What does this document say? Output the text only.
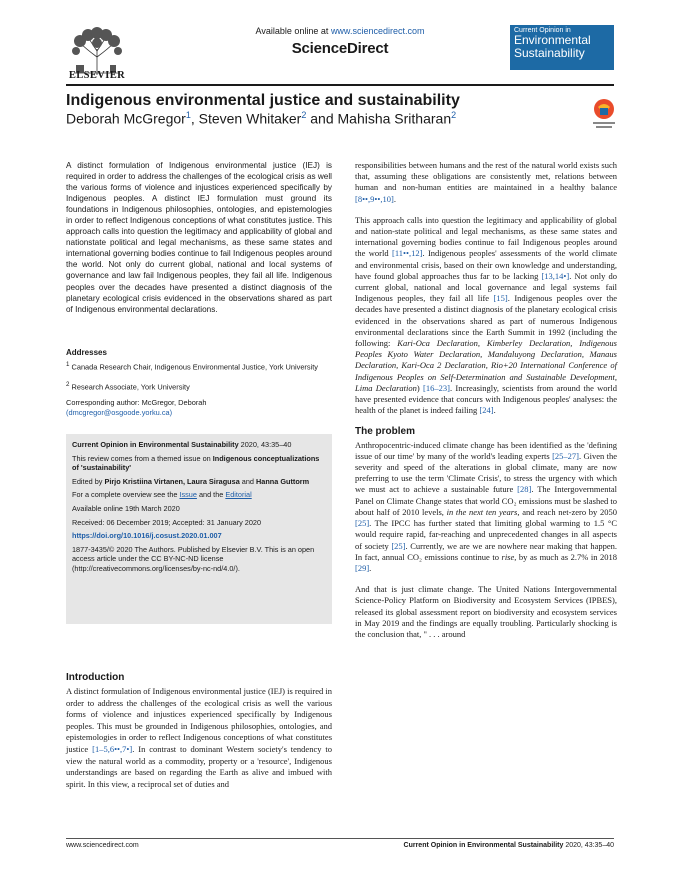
ELSEVIER
Available online at www.sciencedirect.com
ScienceDirect
Current Opinion in
Environmental
Sustainability
Indigenous environmental justice and sustainability
Deborah McGregor$^1$, Steven Whitaker$^2$ and Mahisha Sritharan$^2$
A distinct formulation of Indigenous environmental justice (IEJ) is required in order to address the challenges of the ecological crisis as well the various forms of violence and injustices experienced specifically by Indigenous peoples. A distinct IEJ formulation must ground its foundations in Indigenous philosophies, ontologies, and epistemologies in order to reflect Indigenous conceptions of what constitutes justice. This approach calls into question the legitimacy and applicability of global and nationstate political and legal mechanisms, as these same states and international governing bodies continue to fail Indigenous peoples around the world. Not only do current global, national and local systems of governance and law fail Indigenous peoples, they fail all life. Indigenous peoples over the decades have presented a distinct diagnosis of the planetary ecological crisis evidenced in the observations shared as part of Indigenous environmental declarations.
Addresses
$^1$ Canada Research Chair, Indigenous Environmental Justice, York University
$^2$ Research Associate, York University
Corresponding author: McGregor, Deborah
(dmcgregor@osgoode.yorku.ca)
Current Opinion in Environmental Sustainability 2020, 43:35–40
This review comes from a themed issue on Indigenous conceptualizations of 'sustainability'
Edited by Pirjo Kristiina Virtanen, Laura Siragusa and Hanna Guttorm
For a complete overview see the Issue and the Editorial
Available online 19th March 2020
Received: 06 December 2019; Accepted: 31 January 2020
https://doi.org/10.1016/j.cosust.2020.01.007
1877-3435/© 2020 The Authors. Published by Elsevier B.V. This is an open access article under the CC BY-NC-ND license (http://creativecommons.org/licenses/by-nc-nd/4.0/).
Introduction
A distinct formulation of Indigenous environmental justice (IEJ) is required in order to address the challenges of the ecological crisis as well the various forms of violence and injustices experienced specifically by Indigenous peoples. This must be grounded in Indigenous philosophies, ontologies, and epistemologies in order to reflect Indigenous conceptions of what constitutes justice [1–5,6••,7•]. In contrast to dominant Western society's tendency to view the natural world as a commodity, property or a 'resource', Indigenous understandings are based on regarding the Earth as alive and imbued with spirit. In this view, a reciprocal set of duties and

responsibilities between humans and the rest of the natural world exists such that, assuming these obligations are consistently met, relations between human and non-human entities are maintained in a healthy balance [8••,9••,10].

This approach calls into question the legitimacy and applicability of global and nation-state political and legal mechanisms, as these same states and international governing bodies continue to fail Indigenous peoples around the world [11••,12]. Indigenous peoples' assessments of the world climate and environmental crisis, based on their own knowledge and understanding, have found global approaches thus far to be lacking [13,14•]. Not only do current global, national and local governance and legal systems fail Indigenous peoples, they fail all life [15]. Indigenous peoples over the decades have presented a distinct diagnosis of the planetary ecological crisis evidenced in the observations shared as part of numerous Indigenous environmental declarations since the Earth Summit in 1992 (including the following: Kari-Oca Declaration, Kimberley Declaration, Indigenous Peoples Kyoto Water Declaration, Mandaluyong Declaration, Manaus Declaration, Kari-Oca 2 Declaration, Rio+20 International Conference of Indigenous Peoples on Self-Determination and Sustainable Development, Lima Declaration) [16–23]. Increasingly, scientists from around the world have presented evidence that concurs with Indigenous peoples' analyses: the health of the planet is indeed failing [24].

The problem

Anthropocentric-induced climate change has been identified as the 'defining issue of our time' by many of the world's leading experts [25–27]. Given the severity and speed of the alterations in global climate, many are now preferring to use the term 'Climate Crisis', to stress the urgency with which we must act to achieve a sustainable future [28]. The Intergovernmental Panel on Climate Change states that world CO₂ emissions must be slashed to about half of 2010 levels, in the next ten years, and reach net-zero by 2050 [25]. The IPCC has further stated that limiting global warming to 1.5 °C would require rapid, far-reaching and unprecedented changes in all aspects of society [25]. Currently, we are we are nowhere near making that happen. In fact, annual CO₂ emissions continue to rise, by as much as 2.7% in 2018 [29].

And that is just climate change. The United Nations Intergovernmental Science-Policy Platform on Biodiversity and Ecosystem Services (IPBES), released its global assessment report on biodiversity and ecosystem services in May 2019 and the findings are equally troubling. Particularly shocking is the conclusion that, " . . . around

www.sciencedirect.com	Current Opinion in Environmental Sustainability 2020, 43:35–40
